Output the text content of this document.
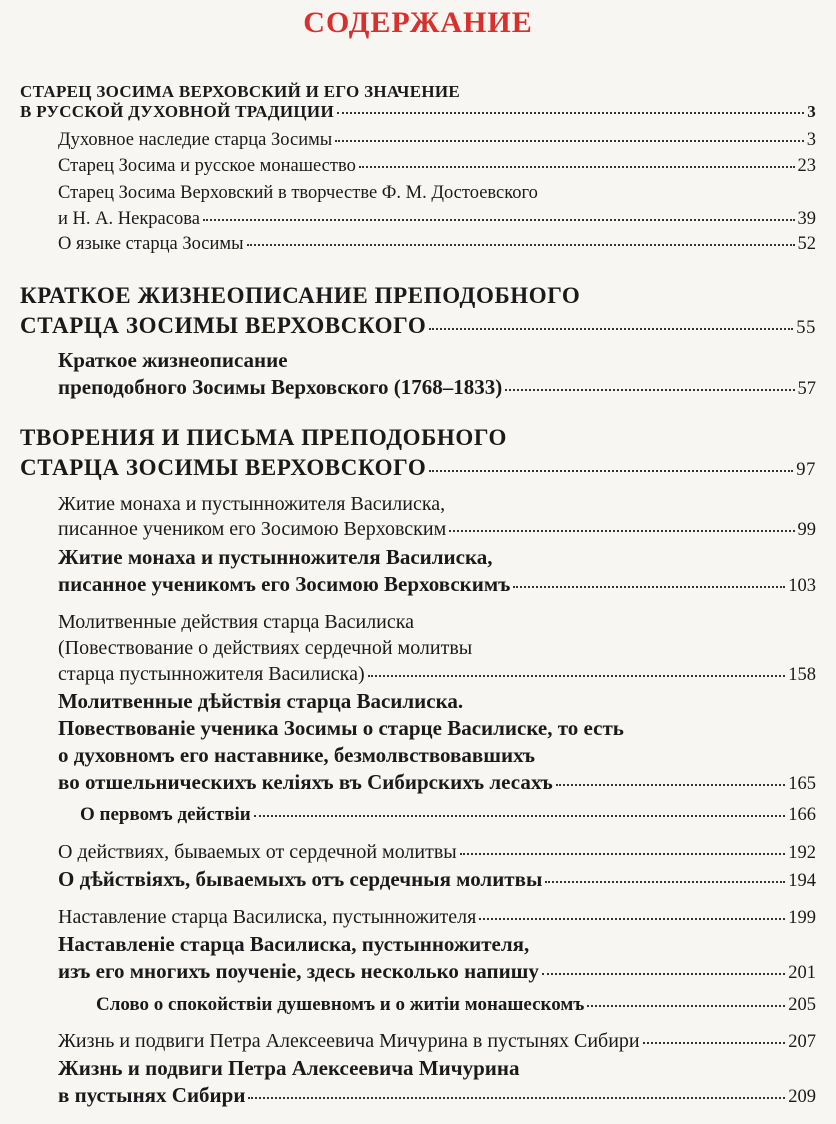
СОДЕРЖАНИЕ
СТАРЕЦ ЗОСИМА ВЕРХОВСКИЙ И ЕГО ЗНАЧЕНИЕ
В РУССКОЙ ДУХОВНОЙ ТРАДИЦИИ	3
Духовное наследие старца Зосимы	3
Старец Зосима и русское монашество	23
Старец Зосима Верховский в творчестве Ф. М. Достоевского
и Н. А. Некрасова	39
О языке старца Зосимы	52
КРАТКОЕ ЖИЗНЕОПИСАНИЕ ПРЕПОДОБНОГО
СТАРЦА ЗОСИМЫ ВЕРХОВСКОГО	55
Краткое жизнеописание
преподобного Зосимы Верховского (1768–1833)	57
ТВОРЕНИЯ И ПИСЬМА ПРЕПОДОБНОГО
СТАРЦА ЗОСИМЫ ВЕРХОВСКОГО	97
Житие монаха и пустынножителя Василиска,
писанное учеником его Зосимою Верховским	99
Житие монаха и пустынножителя Василиска,
писанное ученикомъ его Зосимою Верховскимъ	103
Молитвенные действия старца Василиска
(Повествование о действиях сердечной молитвы
старца пустынножителя Василиска)	158
Молитвенные дѣйствія старца Василиска.
Повествованіе ученика Зосимы о старце Василиске, то есть
о духовномъ его наставнике, безмолвствовавшихъ
во отшельническихъ келіяхъ въ Сибирскихъ лесахъ	165
О первомъ действіи	166
О действиях, бываемых от сердечной молитвы	192
О дѣйствіяхъ, бываемыхъ отъ сердечныя молитвы	194
Наставление старца Василиска, пустынножителя	199
Наставленіе старца Василиска, пустынножителя,
изъ его многихъ поученіе, здесь несколько напишу	201
Слово о спокойствіи душевномъ и о житіи монашескомъ	205
Жизнь и подвиги Петра Алексеевича Мичурина в пустынях Сибири	207
Жизнь и подвиги Петра Алексеевича Мичурина
в пустынях Сибири	209
